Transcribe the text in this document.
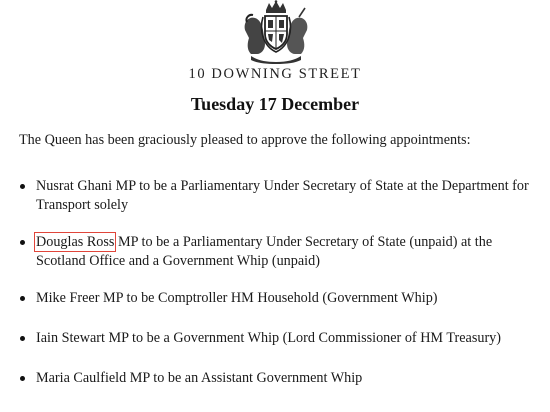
10 DOWNING STREET
Tuesday 17 December
The Queen has been graciously pleased to approve the following appointments:
Nusrat Ghani MP to be a Parliamentary Under Secretary of State at the Department for Transport solely
Douglas Ross MP to be a Parliamentary Under Secretary of State (unpaid) at the Scotland Office and a Government Whip (unpaid)
Mike Freer MP to be Comptroller HM Household (Government Whip)
Iain Stewart MP to be a Government Whip (Lord Commissioner of HM Treasury)
Maria Caulfield MP to be an Assistant Government Whip
